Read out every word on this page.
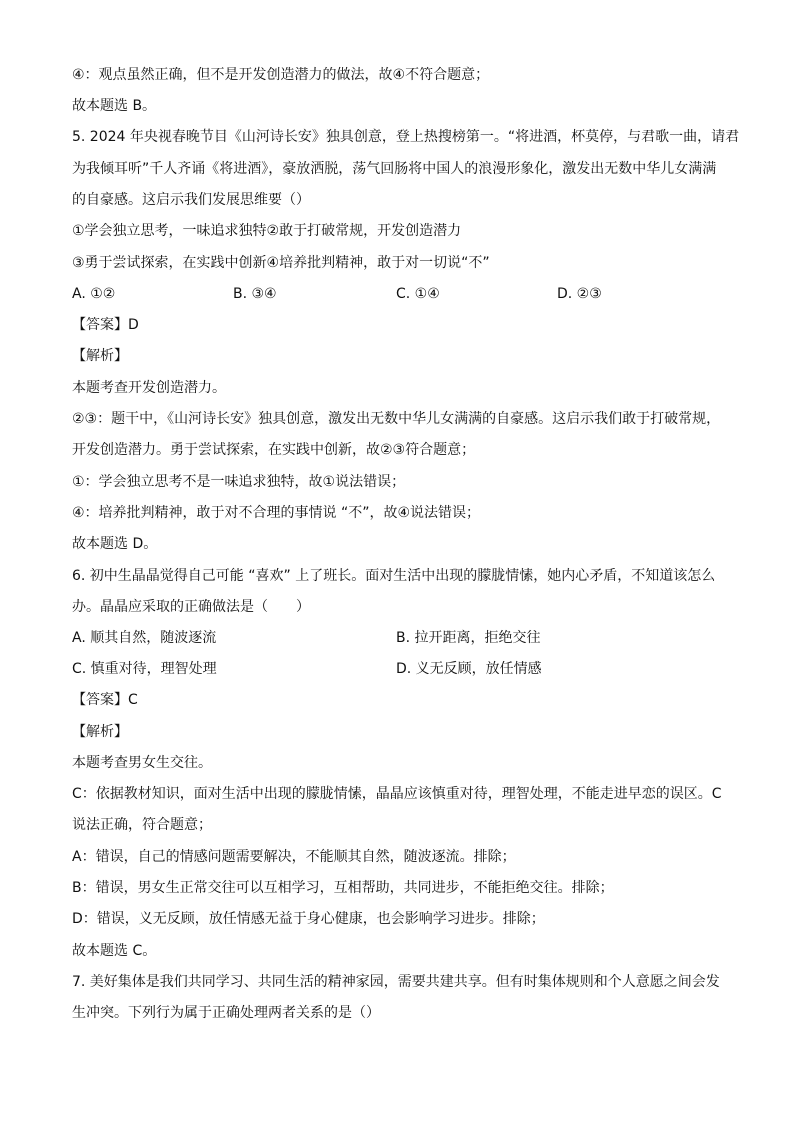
④：观点虽然正确，但不是开发创造潜力的做法，故④不符合题意；
故本题选 B。
5. 2024 年央视春晚节目《山河诗长安》独具创意，登上热搜榜第一。“将进酒，杯莫停，与君歌一曲，请君
为我倾耳听”千人齐诵《将进酒》，豪放洒脱，荡气回肠将中国人的浪漫形象化，激发出无数中华儿女满满
的自豪感。这启示我们发展思维要（）
①学会独立思考，一味追求独特②敢于打破常规，开发创造潜力
③勇于尝试探索，在实践中创新④培养批判精神，敢于对一切说“不”
A. ①②	B. ③④	C. ①④	D. ②③
【答案】D
【解析】
本题考查开发创造潜力。
②③：题干中，《山河诗长安》独具创意，激发出无数中华儿女满满的自豪感。这启示我们敢于打破常规，
开发创造潜力。勇于尝试探索，在实践中创新，故②③符合题意；
①：学会独立思考不是一味追求独特，故①说法错误；
④：培养批判精神，敢于对不合理的事情说 “不”，故④说法错误；
故本题选 D。
6. 初中生晶晶觉得自己可能 “喜欢” 上了班长。面对生活中出现的朦胧情愫，她内心矛盾，不知道该怎么
办。晶晶应采取的正确做法是（　　）
A. 顺其自然，随波逐流	B. 拉开距离，拒绝交往
C. 慎重对待，理智处理	D. 义无反顾，放任情感
【答案】C
【解析】
本题考查男女生交往。
C：依据教材知识，面对生活中出现的朦胧情愫，晶晶应该慎重对待，理智处理，不能走进早恋的误区。C
说法正确，符合题意；
A：错误，自己的情感问题需要解决，不能顺其自然，随波逐流。排除；
B：错误，男女生正常交往可以互相学习，互相帮助，共同进步，不能拒绝交往。排除；
D：错误，义无反顾，放任情感无益于身心健康，也会影响学习进步。排除；
故本题选 C。
7. 美好集体是我们共同学习、共同生活的精神家园，需要共建共享。但有时集体规则和个人意愿之间会发
生冲突。下列行为属于正确处理两者关系的是（）
